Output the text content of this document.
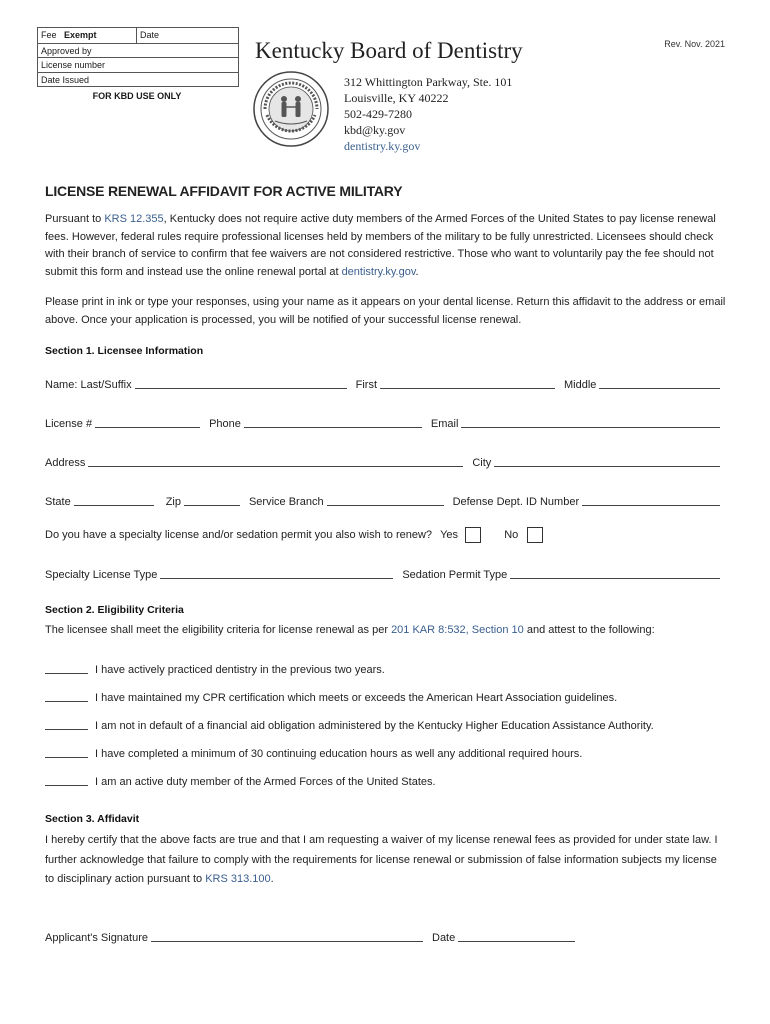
Fee Exempt	Date
Approved by
License number
Date Issued
FOR KBD USE ONLY
Kentucky Board of Dentistry	Rev. Nov. 2021
312 Whittington Parkway, Ste. 101
Louisville, KY 40222
502-429-7280
kbd@ky.gov
dentistry.ky.gov
LICENSE RENEWAL AFFIDAVIT FOR ACTIVE MILITARY
Pursuant to KRS 12.355, Kentucky does not require active duty members of the Armed Forces of the United States to pay license renewal fees. However, federal rules require professional licenses held by members of the military to be fully unrestricted. Licensees should check with their branch of service to confirm that fee waivers are not considered restrictive. Those who want to voluntarily pay the fee should not submit this form and instead use the online renewal portal at dentistry.ky.gov.
Please print in ink or type your responses, using your name as it appears on your dental license. Return this affidavit to the address or email above. Once your application is processed, you will be notified of your successful license renewal.
Section 1. Licensee Information
Name: Last/Suffix	First	Middle
License #	Phone	Email
Address	City
State	Zip	Service Branch	Defense Dept. ID Number
Do you have a specialty license and/or sedation permit you also wish to renew? Yes	No
Specialty License Type	Sedation Permit Type
Section 2. Eligibility Criteria
The licensee shall meet the eligibility criteria for license renewal as per 201 KAR 8:532, Section 10 and attest to the following:
I have actively practiced dentistry in the previous two years.
I have maintained my CPR certification which meets or exceeds the American Heart Association guidelines.
I am not in default of a financial aid obligation administered by the Kentucky Higher Education Assistance Authority.
I have completed a minimum of 30 continuing education hours as well any additional required hours.
I am an active duty member of the Armed Forces of the United States.
Section 3. Affidavit
I hereby certify that the above facts are true and that I am requesting a waiver of my license renewal fees as provided for under state law. I further acknowledge that failure to comply with the requirements for license renewal or submission of false information subjects my license to disciplinary action pursuant to KRS 313.100.
Applicant's Signature	Date
